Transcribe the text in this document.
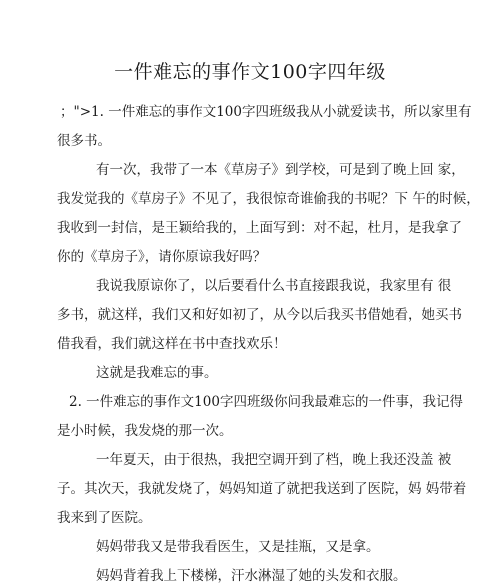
一件难忘的事作文100字四年级

；">1. 一件难忘的事作文100字四班级我从小就爱读书，所以家里有

很多书。

有一次，我带了一本《草房子》到学校，可是到了晚上回 家，

我发觉我的《草房子》不见了，我很惊奇谁偷我的书呢？下 午的时候，

我收到一封信，是王颖给我的，上面写到：对不起，杜月，是我拿了

你的《草房子》，请你原谅我好吗？

我说我原谅你了，以后要看什么书直接跟我说，我家里有 很

多书，就这样，我们又和好如初了，从今以后我买书借她看，她买书

借我看，我们就这样在书中查找欢乐！

这就是我难忘的事。

2. 一件难忘的事作文100字四班级你问我最难忘的一件事，我记得

是小时候，我发烧的那一次。

一年夏天，由于很热，我把空调开到了档，晚上我还没盖 被

子。其次天，我就发烧了，妈妈知道了就把我送到了医院，妈 妈带着

我来到了医院。

妈妈带我又是带我看医生，又是挂瓶，又是拿。

妈妈背着我上下楼梯，汗水淋湿了她的头发和衣服。
